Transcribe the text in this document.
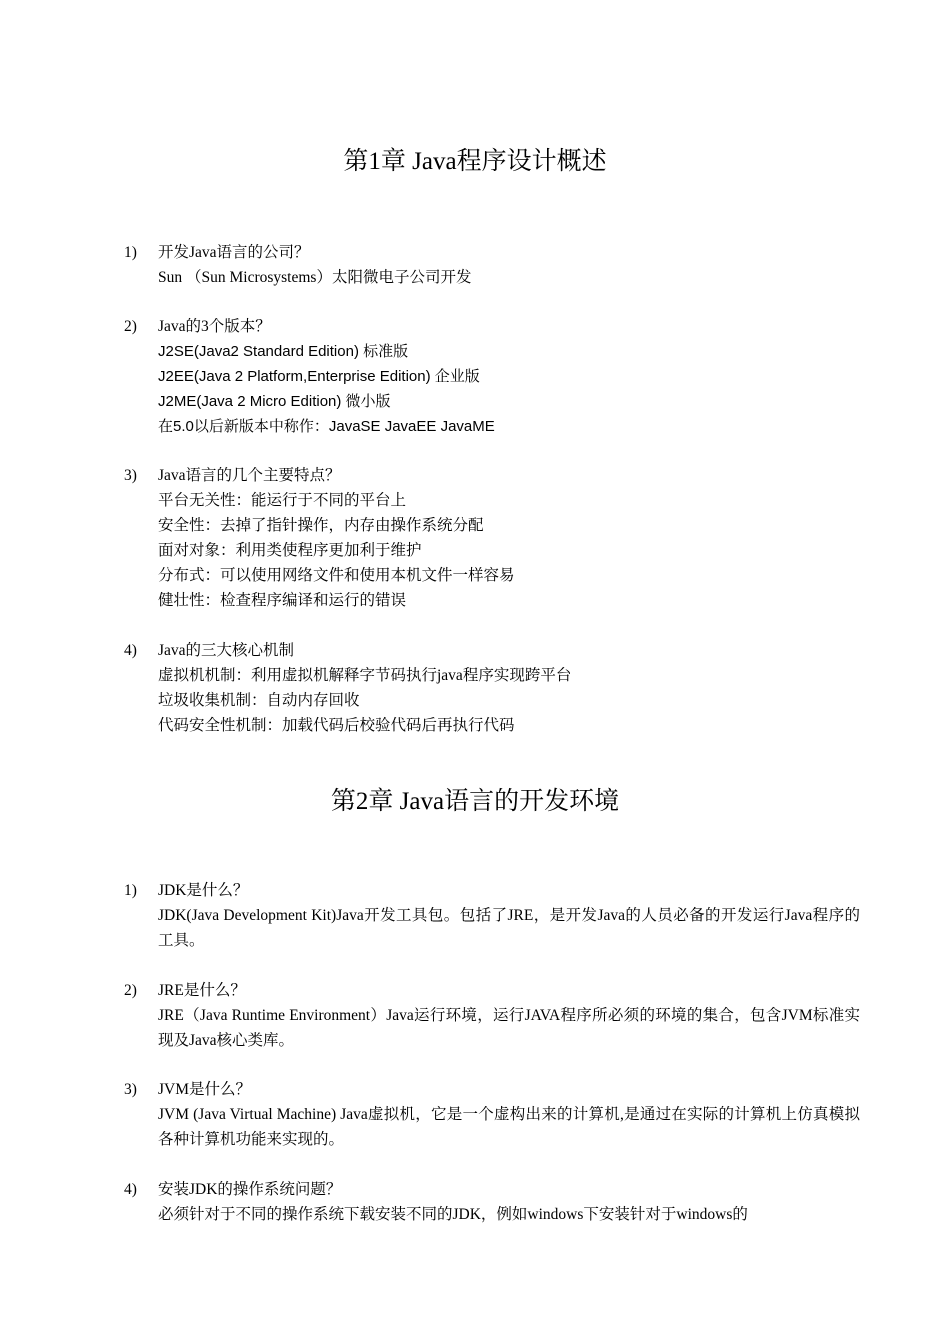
第1章 Java程序设计概述
1) 开发Java语言的公司？
Sun （Sun Microsystems）太阳微电子公司开发
2) Java的3个版本？
J2SE(Java2 Standard Edition) 标准版
J2EE(Java 2 Platform,Enterprise Edition) 企业版
J2ME(Java 2 Micro Edition) 微小版
在5.0以后新版本中称作：JavaSE JavaEE JavaME
3) Java语言的几个主要特点？
平台无关性：能运行于不同的平台上
安全性：去掉了指针操作，内存由操作系统分配
面对对象：利用类使程序更加利于维护
分布式：可以使用网络文件和使用本机文件一样容易
健壮性：检查程序编译和运行的错误
4) Java的三大核心机制
虚拟机机制：利用虚拟机解释字节码执行java程序实现跨平台
垃圾收集机制：自动内存回收
代码安全性机制：加载代码后校验代码后再执行代码
第2章 Java语言的开发环境
1) JDK是什么？
JDK(Java Development Kit)Java开发工具包。包括了JRE，是开发Java的人员必备的开发运行Java程序的工具。
2) JRE是什么？
JRE（Java Runtime Environment）Java运行环境，运行JAVA程序所必须的环境的集合，包含JVM标准实现及Java核心类库。
3) JVM是什么？
JVM (Java Virtual Machine) Java虚拟机，它是一个虚构出来的计算机,是通过在实际的计算机上仿真模拟各种计算机功能来实现的。
4) 安装JDK的操作系统问题？
必须针对于不同的操作系统下载安装不同的JDK，例如windows下安装针对于windows的
